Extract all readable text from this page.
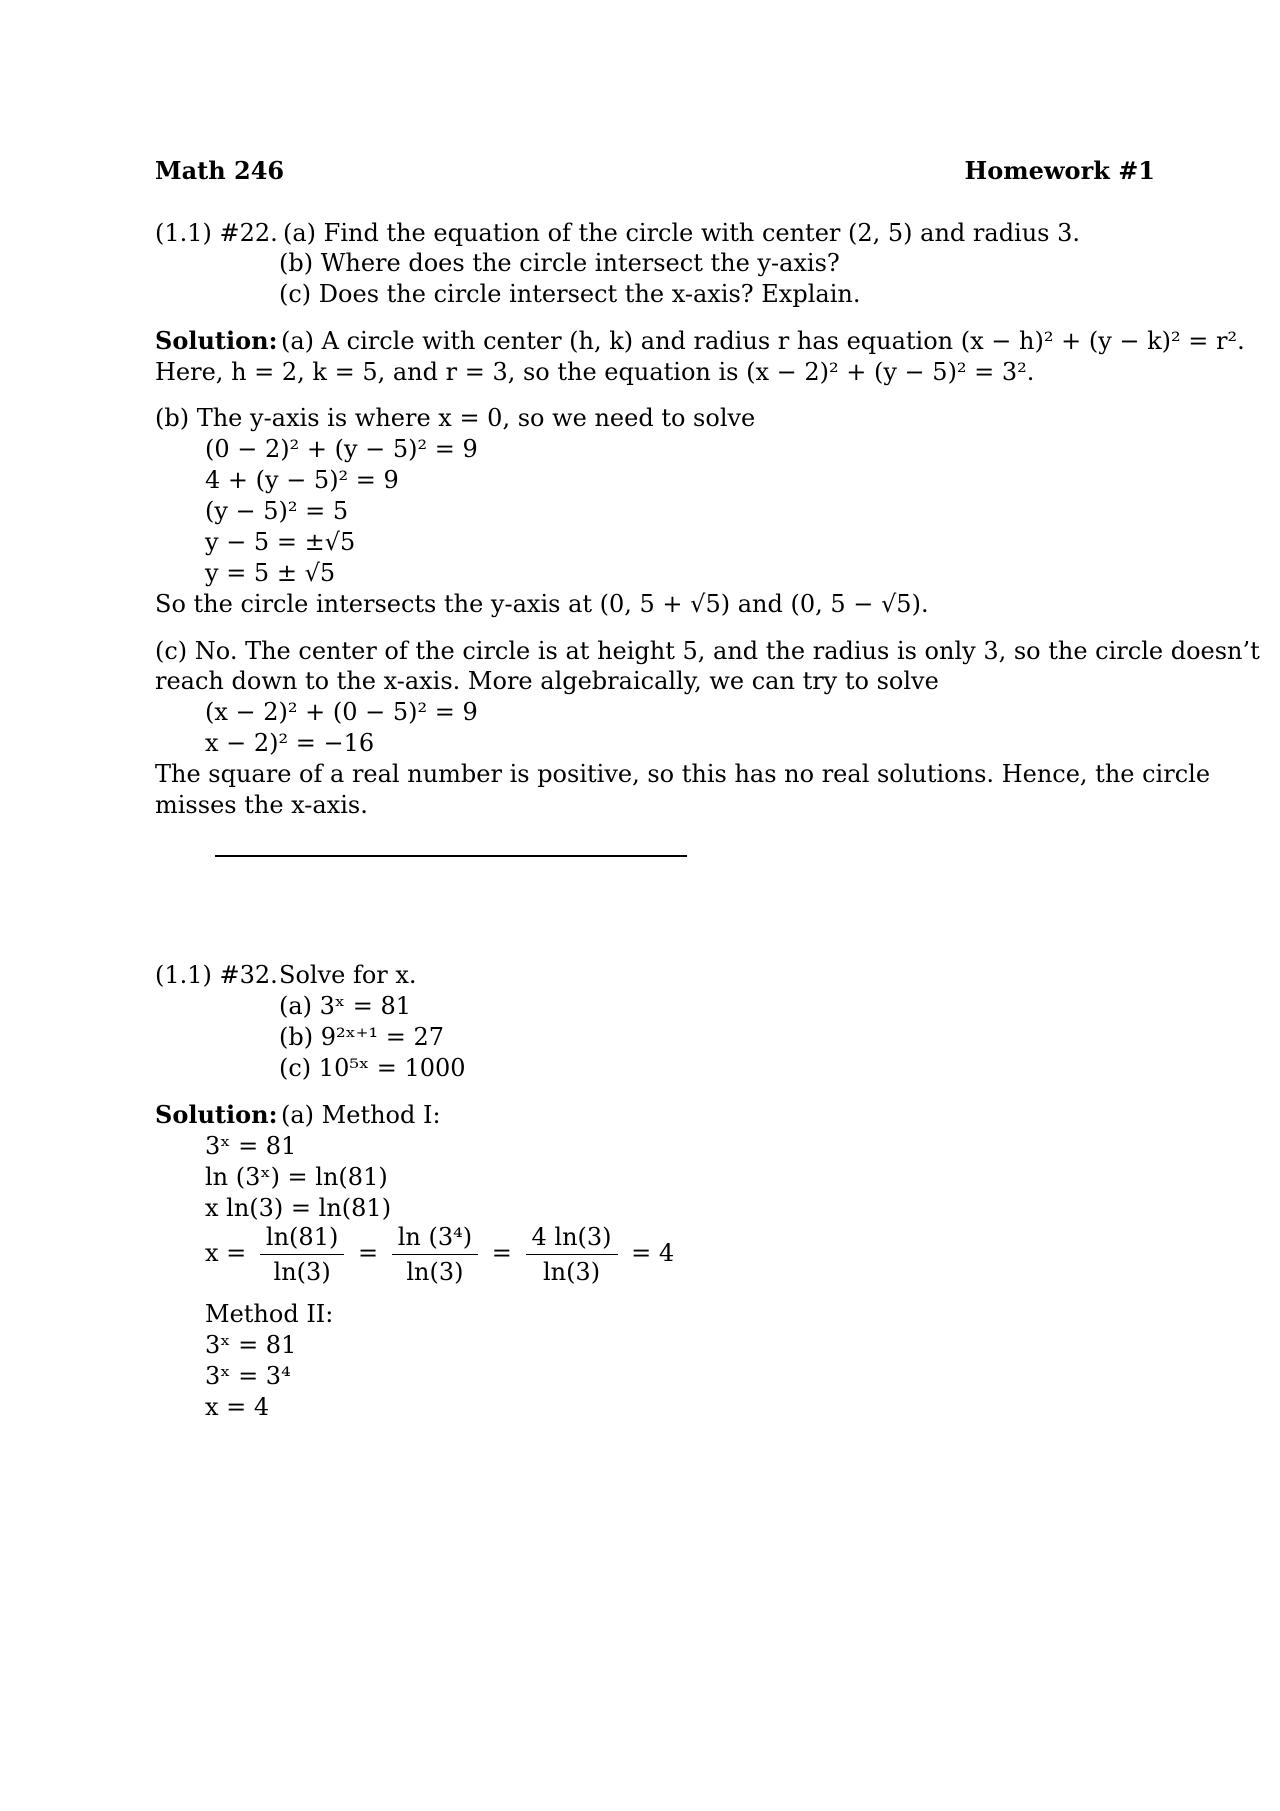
Math 246	Homework #1
(1.1) #22. (a) Find the equation of the circle with center (2, 5) and radius 3.
(b) Where does the circle intersect the y-axis?
(c) Does the circle intersect the x-axis? Explain.
Solution: (a) A circle with center (h, k) and radius r has equation (x − h)² + (y − k)² = r².
Here, h = 2, k = 5, and r = 3, so the equation is (x − 2)² + (y − 5)² = 3².
(b) The y-axis is where x = 0, so we need to solve
(0 − 2)² + (y − 5)² = 9
4 + (y − 5)² = 9
(y − 5)² = 5
y − 5 = ±√5
y = 5 ± √5
So the circle intersects the y-axis at (0, 5 + √5) and (0, 5 − √5).
(c) No. The center of the circle is at height 5, and the radius is only 3, so the circle doesn’t
reach down to the x-axis. More algebraically, we can try to solve
(x − 2)² + (0 − 5)² = 9
x − 2)² = −16
The square of a real number is positive, so this has no real solutions. Hence, the circle
misses the x-axis.
(1.1) #32. Solve for x.
(a) 3ˣ = 81
(b) 9²ˣ⁺¹ = 27
(c) 10⁵ˣ = 1000
Solution: (a) Method I:
3ˣ = 81
ln (3ˣ) = ln(81)
x ln(3) = ln(81)
$x = \frac{\ln(81)}{\ln(3)} = \frac{\text{ln (3⁴)}}{\ln(3)} = \frac{4 \ln(3)}{\ln(3)} = 4$
Method II:
3ˣ = 81
3ˣ = 3⁴
x = 4
